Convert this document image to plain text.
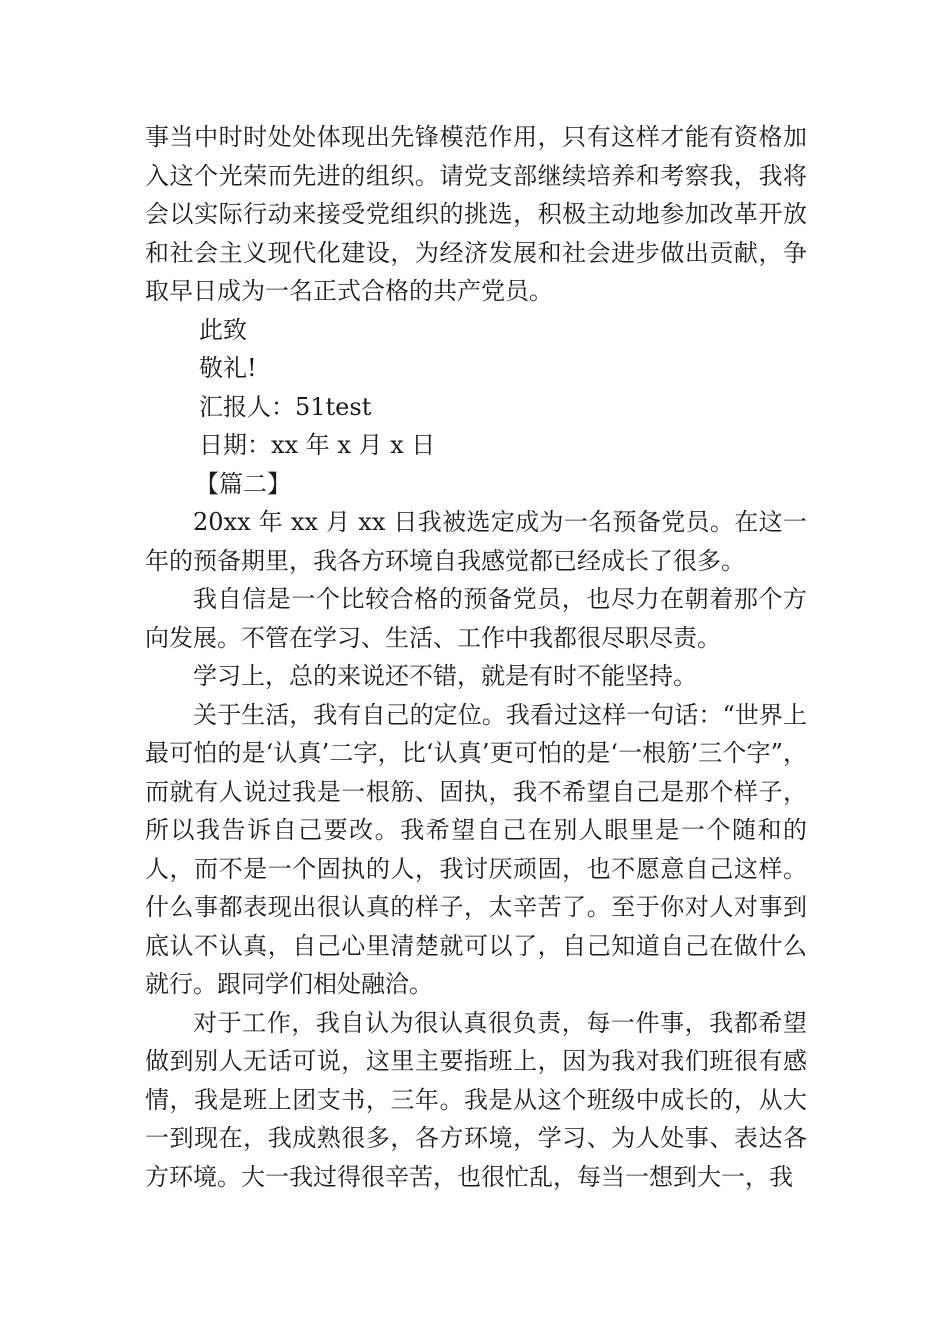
事当中时时处处体现出先锋模范作用，只有这样才能有资格加入这个光荣而先进的组织。请党支部继续培养和考察我，我将会以实际行动来接受党组织的挑选，积极主动地参加改革开放和社会主义现代化建设，为经济发展和社会进步做出贡献，争取早日成为一名正式合格的共产党员。

此致

敬礼!

汇报人：51test

日期：xx 年 x 月 x 日

【篇二】

20xx 年 xx 月 xx 日我被选定成为一名预备党员。在这一年的预备期里，我各方环境自我感觉都已经成长了很多。

我自信是一个比较合格的预备党员，也尽力在朝着那个方向发展。不管在学习、生活、工作中我都很尽职尽责。

学习上，总的来说还不错，就是有时不能坚持。

关于生活，我有自己的定位。我看过这样一句话：“世界上最可怕的是‘认真’二字，比‘认真’更可怕的是‘一根筋’三个字”，而就有人说过我是一根筋、固执，我不希望自己是那个样子，所以我告诉自己要改。我希望自己在别人眼里是一个随和的人，而不是一个固执的人，我讨厌顽固，也不愿意自己这样。什么事都表现出很认真的样子，太辛苦了。至于你对人对事到底认不认真，自己心里清楚就可以了，自己知道自己在做什么就行。跟同学们相处融洽。

对于工作，我自认为很认真很负责，每一件事，我都希望做到别人无话可说，这里主要指班上，因为我对我们班很有感情，我是班上团支书，三年。我是从这个班级中成长的，从大一到现在，我成熟很多，各方环境，学习、为人处事、表达各方环境。大一我过得很辛苦，也很忙乱，每当一想到大一，我
